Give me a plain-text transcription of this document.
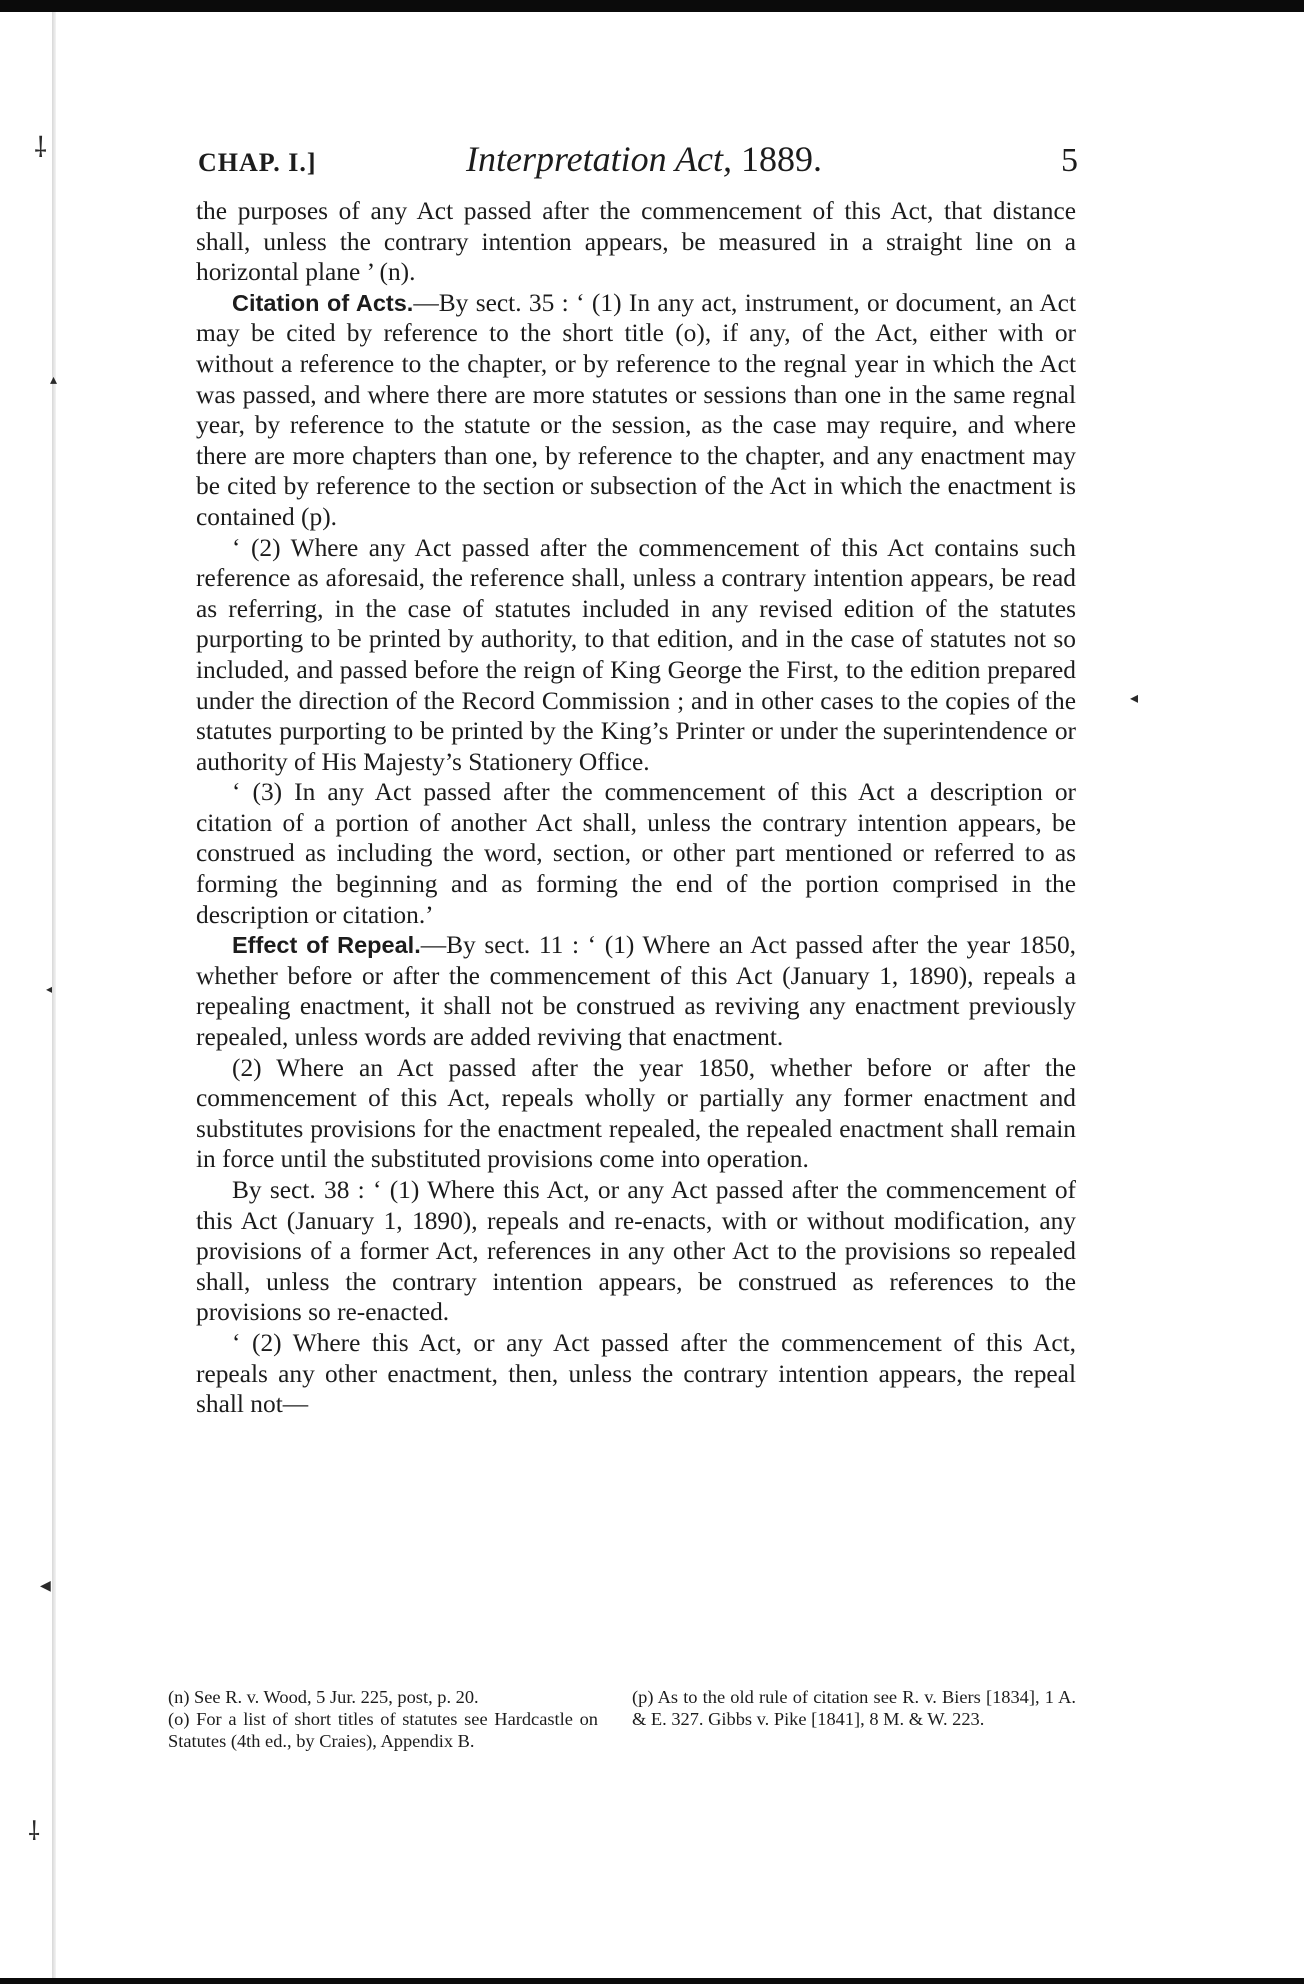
⸸
▴
◂
◀
◂
⸸
CHAP. I.]	Interpretation Act, 1889.	5

the purposes of any Act passed after the commencement of this Act, that distance shall, unless the contrary intention appears, be measured in a straight line on a horizontal plane ’ (n).

Citation of Acts.—By sect. 35 : ‘ (1) In any act, instrument, or document, an Act may be cited by reference to the short title (o), if any, of the Act, either with or without a reference to the chapter, or by reference to the regnal year in which the Act was passed, and where there are more statutes or sessions than one in the same regnal year, by reference to the statute or the session, as the case may require, and where there are more chapters than one, by reference to the chapter, and any enactment may be cited by reference to the section or subsection of the Act in which the enactment is contained (p).

‘ (2) Where any Act passed after the commencement of this Act contains such reference as aforesaid, the reference shall, unless a contrary intention appears, be read as referring, in the case of statutes included in any revised edition of the statutes purporting to be printed by authority, to that edition, and in the case of statutes not so included, and passed before the reign of King George the First, to the edition prepared under the direction of the Record Commission ; and in other cases to the copies of the statutes purporting to be printed by the King’s Printer or under the superintendence or authority of His Majesty’s Stationery Office.

‘ (3) In any Act passed after the commencement of this Act a description or citation of a portion of another Act shall, unless the contrary intention appears, be construed as including the word, section, or other part mentioned or referred to as forming the beginning and as forming the end of the portion comprised in the description or citation.’

Effect of Repeal.—By sect. 11 : ‘ (1) Where an Act passed after the year 1850, whether before or after the commencement of this Act (January 1, 1890), repeals a repealing enactment, it shall not be construed as reviving any enactment previously repealed, unless words are added reviving that enactment.

(2) Where an Act passed after the year 1850, whether before or after the commencement of this Act, repeals wholly or partially any former enactment and substitutes provisions for the enactment repealed, the repealed enactment shall remain in force until the substituted provisions come into operation.

By sect. 38 : ‘ (1) Where this Act, or any Act passed after the commencement of this Act (January 1, 1890), repeals and re-enacts, with or without modification, any provisions of a former Act, references in any other Act to the provisions so repealed shall, unless the contrary intention appears, be construed as references to the provisions so re-enacted.

‘ (2) Where this Act, or any Act passed after the commencement of this Act, repeals any other enactment, then, unless the contrary intention appears, the repeal shall not—

(n) See R. v. Wood, 5 Jur. 225, post, p. 20.

(o) For a list of short titles of statutes see Hardcastle on Statutes (4th ed., by Craies), Appendix B.

(p) As to the old rule of citation see R. v. Biers [1834], 1 A. & E. 327. Gibbs v. Pike [1841], 8 M. & W. 223.
